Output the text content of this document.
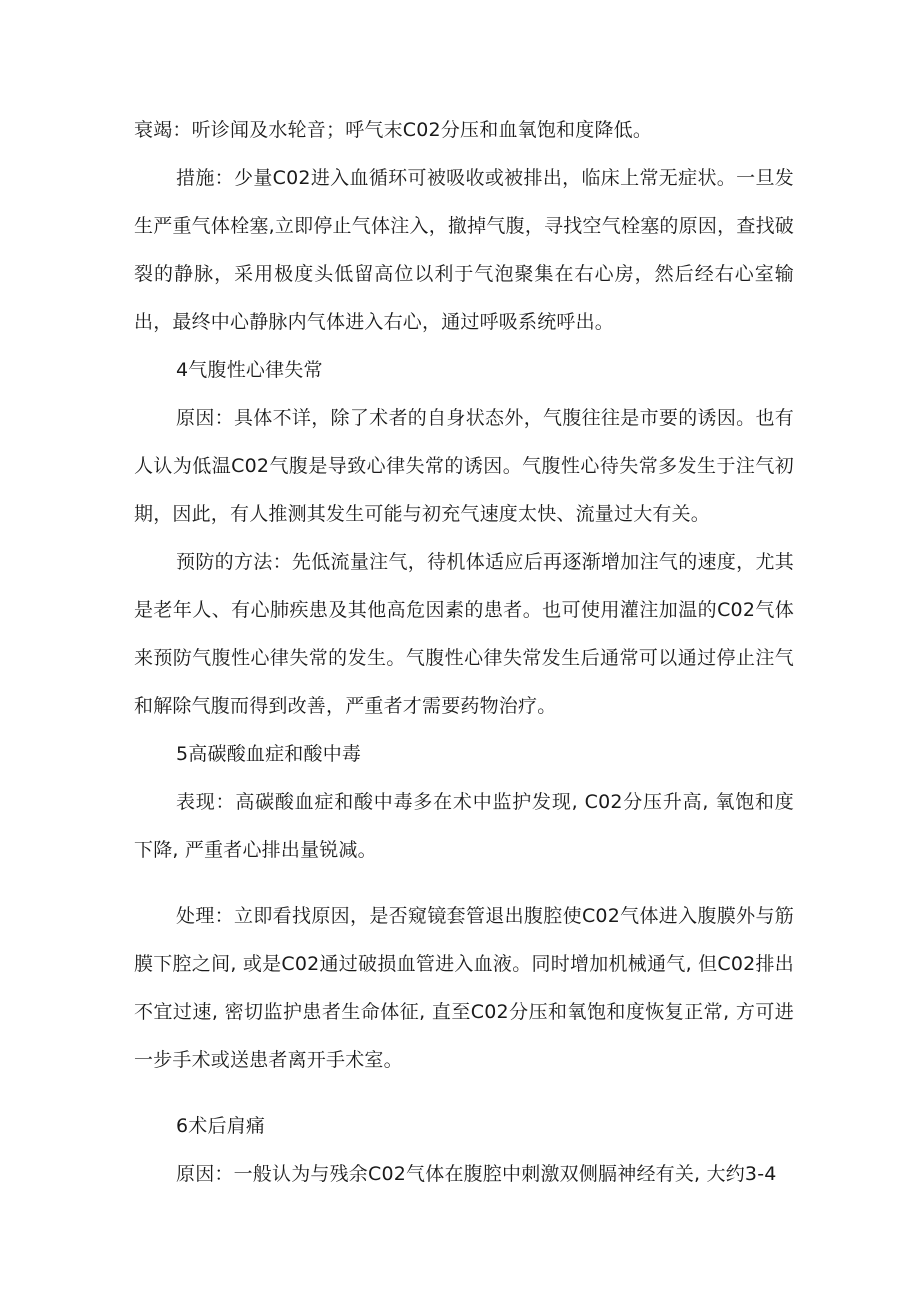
衰竭：听诊闻及水轮音；呼气末C02分压和血氧饱和度降低。

措施：少量C02进入血循环可被吸收或被排出，临床上常无症状。一旦发生严重气体栓塞,立即停止气体注入，撤掉气腹，寻找空气栓塞的原因，查找破裂的静脉，采用极度头低留高位以利于气泡聚集在右心房，然后经右心室输出，最终中心静脉内气体进入右心，通过呼吸系统呼出。

4气腹性心律失常

原因：具体不详，除了术者的自身状态外，气腹往往是市要的诱因。也有人认为低温C02气腹是导致心律失常的诱因。气腹性心待失常多发生于注气初期，因此，有人推测其发生可能与初充气速度太快、流量过大有关。

预防的方法：先低流量注气，待机体适应后再逐渐增加注气的速度，尤其是老年人、有心肺疾患及其他高危因素的患者。也可使用灌注加温的C02气体来预防气腹性心律失常的发生。气腹性心律失常发生后通常可以通过停止注气和解除气腹而得到改善，严重者才需要药物治疗。

5高碳酸血症和酸中毒

表现：高碳酸血症和酸中毒多在术中监护发现, C02分压升高, 氧饱和度下降, 严重者心排出量锐减。

处理：立即看找原因，是否窥镜套管退出腹腔使C02气体进入腹膜外与筋膜下腔之间, 或是C02通过破损血管进入血液。同时增加机械通气, 但C02排出不宜过速, 密切监护患者生命体征, 直至C02分压和氧饱和度恢复正常, 方可进一步手术或送患者离开手术室。

6术后肩痛

原因：一般认为与残余C02气体在腹腔中刺激双侧膈神经有关, 大约3-4
